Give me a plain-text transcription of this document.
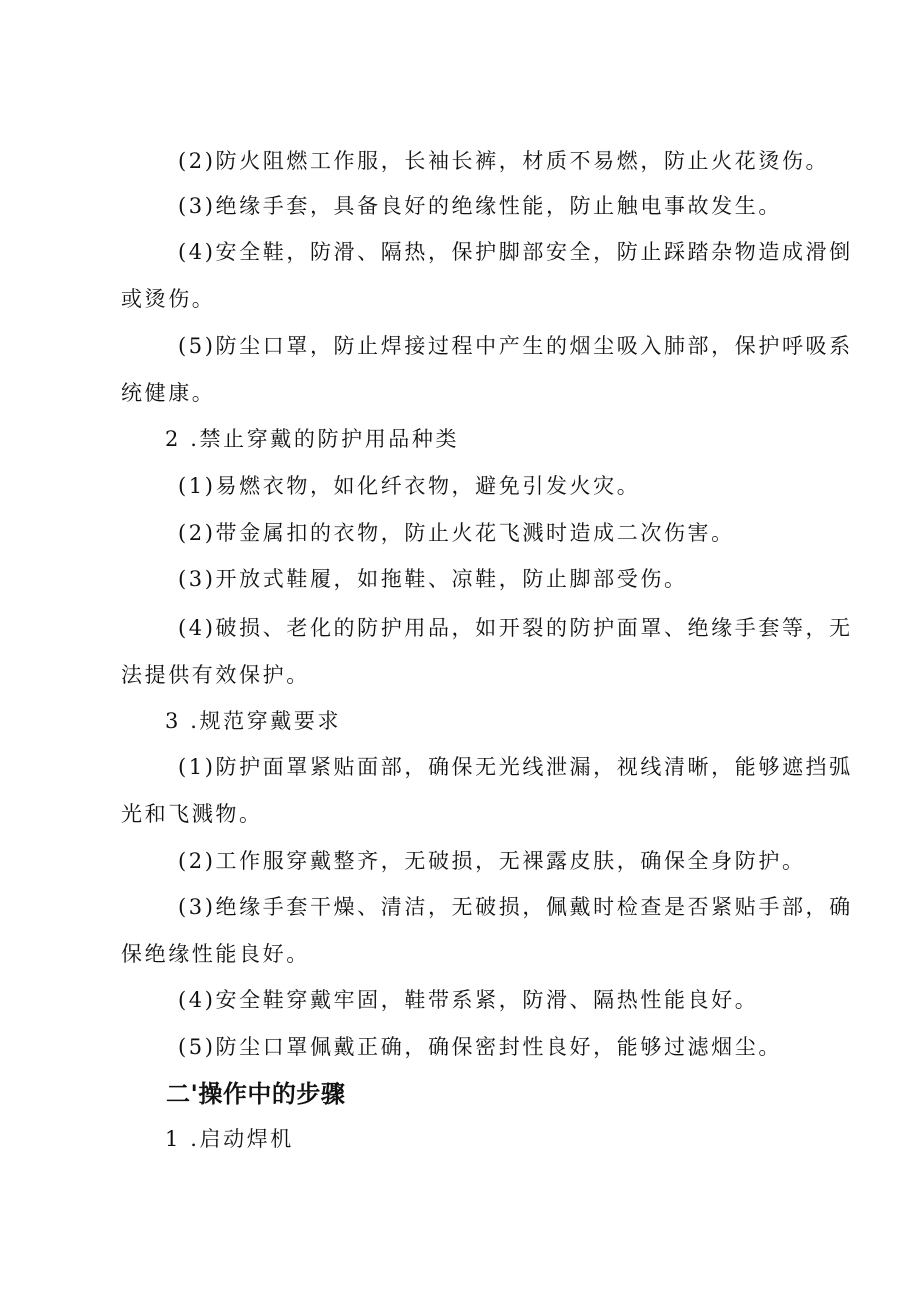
(2)防火阻燃工作服，长袖长裤，材质不易燃，防止火花烫伤。

(3)绝缘手套，具备良好的绝缘性能，防止触电事故发生。

(4)安全鞋，防滑、隔热，保护脚部安全，防止踩踏杂物造成滑倒

或烫伤。

(5)防尘口罩，防止焊接过程中产生的烟尘吸入肺部，保护呼吸系

统健康。

2 .禁止穿戴的防护用品种类

(1)易燃衣物，如化纤衣物，避免引发火灾。

(2)带金属扣的衣物，防止火花飞溅时造成二次伤害。

(3)开放式鞋履，如拖鞋、凉鞋，防止脚部受伤。

(4)破损、老化的防护用品，如开裂的防护面罩、绝缘手套等，无

法提供有效保护。

3 .规范穿戴要求

(1)防护面罩紧贴面部，确保无光线泄漏，视线清晰，能够遮挡弧

光和飞溅物。

(2)工作服穿戴整齐，无破损，无裸露皮肤，确保全身防护。

(3)绝缘手套干燥、清洁，无破损，佩戴时检查是否紧贴手部，确

保绝缘性能良好。

(4)安全鞋穿戴牢固，鞋带系紧，防滑、隔热性能良好。

(5)防尘口罩佩戴正确，确保密封性良好，能够过滤烟尘。

二'操作中的步骤

1 .启动焊机
